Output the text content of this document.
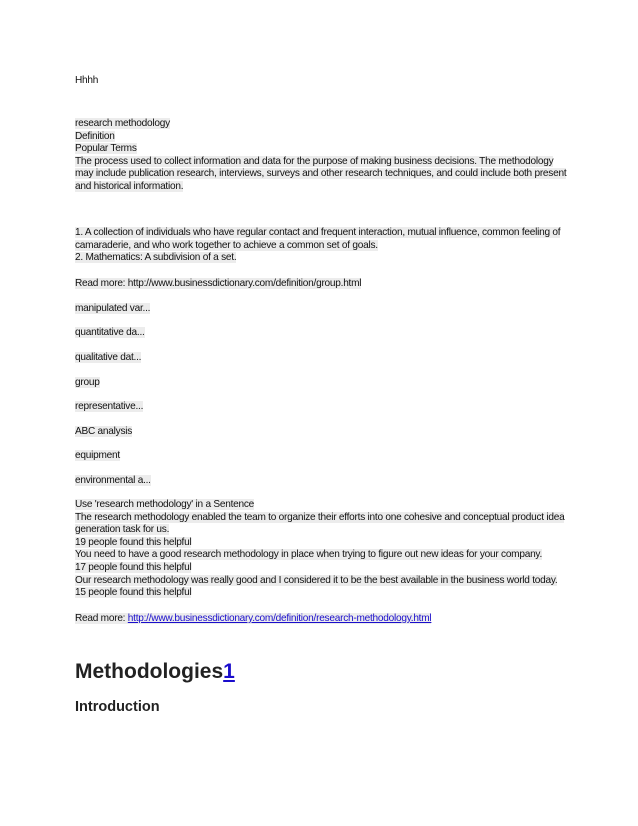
Hhhh
research methodology
Definition
Popular Terms
The process used to collect information and data for the purpose of making business decisions. The methodology
may include publication research, interviews, surveys and other research techniques, and could include both present
and historical information.
1. A collection of individuals who have regular contact and frequent interaction, mutual influence, common feeling of
camaraderie, and who work together to achieve a common set of goals.
2. Mathematics: A subdivision of a set.
Read more: http://www.businessdictionary.com/definition/group.html
manipulated var...
quantitative da...
qualitative dat...
group
representative...
ABC analysis
equipment
environmental a...
Use 'research methodology' in a Sentence
The research methodology enabled the team to organize their efforts into one cohesive and conceptual product idea
generation task for us.
19 people found this helpful
You need to have a good research methodology in place when trying to figure out new ideas for your company.
17 people found this helpful
Our research methodology was really good and I considered it to be the best available in the business world today.
15 people found this helpful
Read more: http://www.businessdictionary.com/definition/research-methodology.html
Methodologies1
Introduction
